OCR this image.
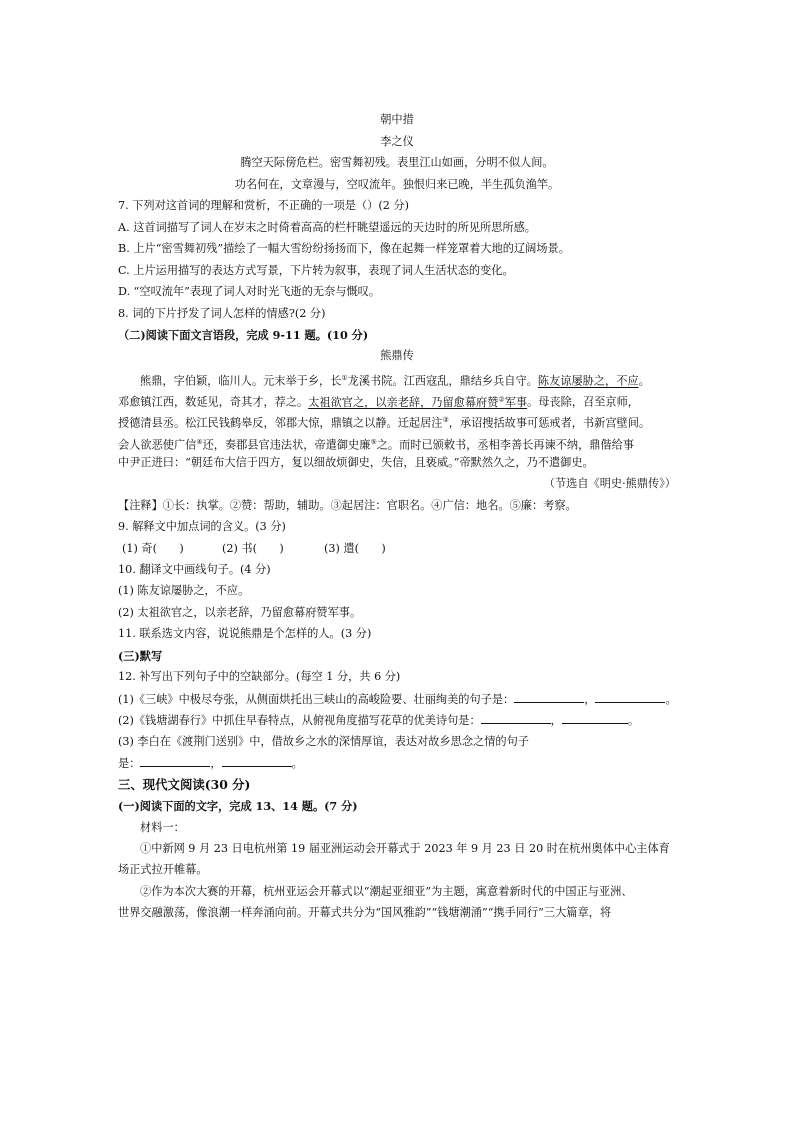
朝中措
李之仪
腾空天际傍危栏。密雪舞初残。表里江山如画，分明不似人间。
功名何在，文章漫与，空叹流年。独恨归来已晚，半生孤负渔竿。
7. 下列对这首词的理解和赏析，不正确的一项是（）(2 分)
A. 这首词描写了词人在岁末之时倚着高高的栏杆眺望遥远的天边时的所见所思所感。
B. 上片“密雪舞初残”描绘了一幅大雪纷纷扬扬而下，像在起舞一样笼罩着大地的辽阔场景。
C. 上片运用描写的表达方式写景，下片转为叙事，表现了词人生活状态的变化。
D. “空叹流年”表现了词人对时光飞逝的无奈与慨叹。
8. 词的下片抒发了词人怎样的情感?(2 分)
（二)阅读下面文言语段，完成 9-11 题。(10 分)
熊鼎传
熊鼎，字伯颖，临川人。元末举于乡，长①龙溪书院。江西寇乱，鼎结乡兵自守。陈友谅屡胁之，不应。
邓愈镇江西，数延见，奇其才，荐之。太祖欲官之，以亲老辞，乃留愈幕府赞②军事。母丧除，召至京师，
授德清县丞。松江民钱鹤皋反，邻郡大惊，鼎镇之以静。迁起居注③，承诏搜括故事可惩戒者，书新宫壁间。
会人欲恶使广信④还，奏郡县官违法状，帝遣御史廉⑤之。而时已颁敕书，丞相李善长再谏不纳，鼎偕给事
中尹正进曰：“朝廷布大信于四方，复以细故烦御史，失信，且亵威。”帝默然久之，乃不遣御史。
（节选自《明史·熊鼎传》）
【注释】①长：执掌。②赞：帮助，辅助。③起居注：官职名。④广信：地名。⑤廉：考察。
9. 解释文中加点词的含义。(3 分)
(1) 奇(　　)	(2) 书(　　)	(3) 遣(　　)
10. 翻译文中画线句子。(4 分)
(1) 陈友谅屡胁之，不应。
(2) 太祖欲官之，以亲老辞，乃留愈幕府赞军事。
11. 联系选文内容，说说熊鼎是个怎样的人。(3 分)
(三)默写
12. 补写出下列句子中的空缺部分。(每空 1 分，共 6 分)
(1)《三峡》中极尽夸张，从侧面烘托出三峡山的高峻险要、壮丽绚美的句子是：	，	。
(2)《钱塘湖春行》中抓住早春特点，从俯视角度描写花草的优美诗句是：	，	。
(3) 李白在《渡荆门送别》中，借故乡之水的深情厚谊，表达对故乡思念之情的句子
是：	，	。
三、现代文阅读(30 分)
(一)阅读下面的文字，完成 13、14 题。(7 分)
材料一：
①中新网 9 月 23 日电杭州第 19 届亚洲运动会开幕式于 2023 年 9 月 23 日 20 时在杭州奥体中心主体育
场正式拉开帷幕。
②作为本次大赛的开幕，杭州亚运会开幕式以“潮起亚细亚”为主题，寓意着新时代的中国正与亚洲、
世界交融激荡，像浪潮一样奔涌向前。开幕式共分为“国风雅韵”“钱塘潮涌”“携手同行”三大篇章，将
